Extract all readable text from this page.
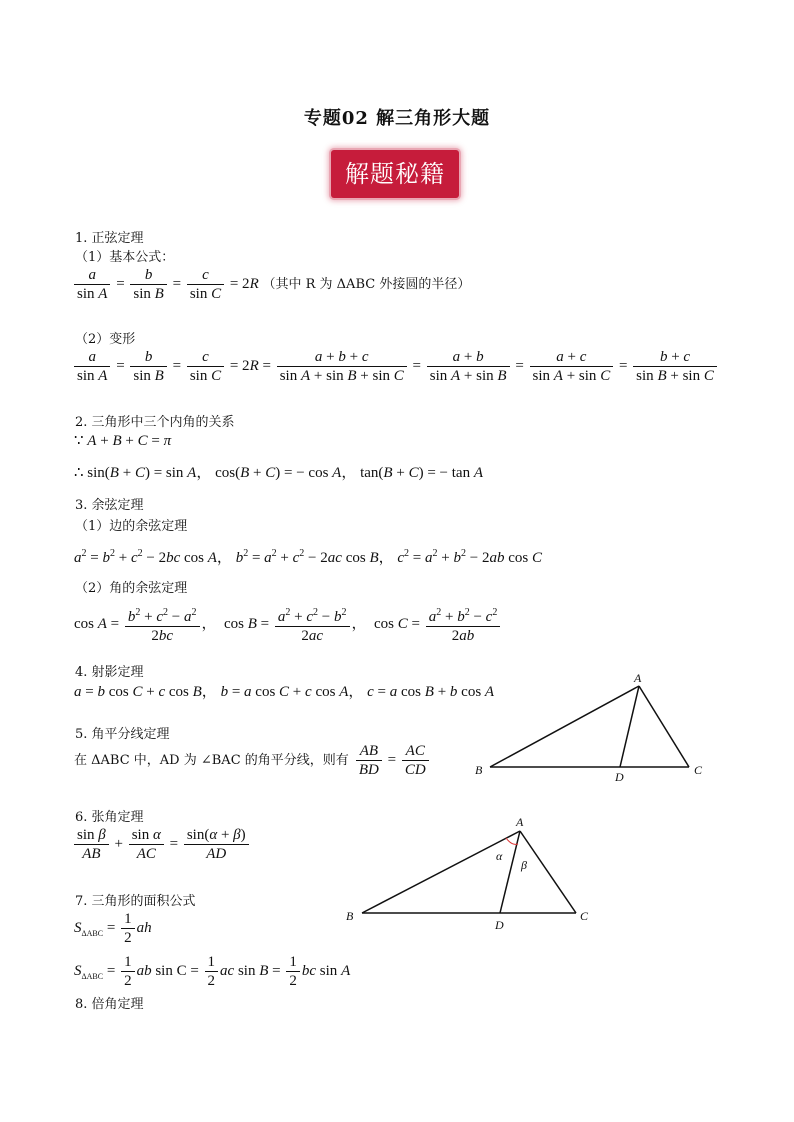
专题02 解三角形大题
解题秘籍
1. 正弦定理
（1）基本公式：
$\frac{a}{\text{sin A}} = \frac{b}{\text{sin B}} = \frac{c}{\text{sin C}} = 2R$ （其中 R 为 ΔABC 外接圆的半径）
（2）变形
$\frac{a}{\text{sin A}} = \frac{b}{\text{sin B}} = \frac{c}{\text{sin C}} = 2R = \frac{a + b + c}{\text{sin A + sin B + sin C}} = \frac{a + b}{\text{sin A + sin B}} = \frac{a + c}{\text{sin A + sin C}} = \frac{b + c}{\text{sin B + sin C}}$
2. 三角形中三个内角的关系
∵ A + B + C = π
∴ sin(B + C) = sin A， cos(B + C) = − cos A， tan(B + C) = − tan A
3. 余弦定理
（1）边的余弦定理
$a^2 = b^2 + c^2 - 2bc$ cos A， $b^2 = a^2 + c^2 - 2ac$ cos B， $c^2 = a^2 + b^2 - 2ab$ cos C
（2）角的余弦定理
$\cos A = \frac{b^2 + c^2 - a^2}{2bc}$ ，  $\cos B = \frac{a^2 + c^2 - b^2}{2ac}$ ，  $\cos C = \frac{a^2 + b^2 - c^2}{2ab}$
4. 射影定理
a = b cos C + c cos B， b = a cos C + c cos A， c = a cos B + b cos A
5. 角平分线定理
在 ΔABC 中，AD 为 ∠BAC 的角平分线，则有 $\frac{AB}{BD} = \frac{AC}{CD}$
A
B	C
D
6. 张角定理
$\frac{\text{sin β}}{AB} + \frac{\text{sin α}}{AC} = \frac{\sin(\alpha + \beta)}{AD}$
A
B	C
D
α
β
7. 三角形的面积公式
$S_{\Delta ABC} = \frac{1}{2}$ ah
$S_{\Delta ABC} = \frac{1}{2}$ ab $\sin C = \frac{1}{2}$ ac $\sin B = \frac{1}{2}$ bc sin A
8. 倍角定理
